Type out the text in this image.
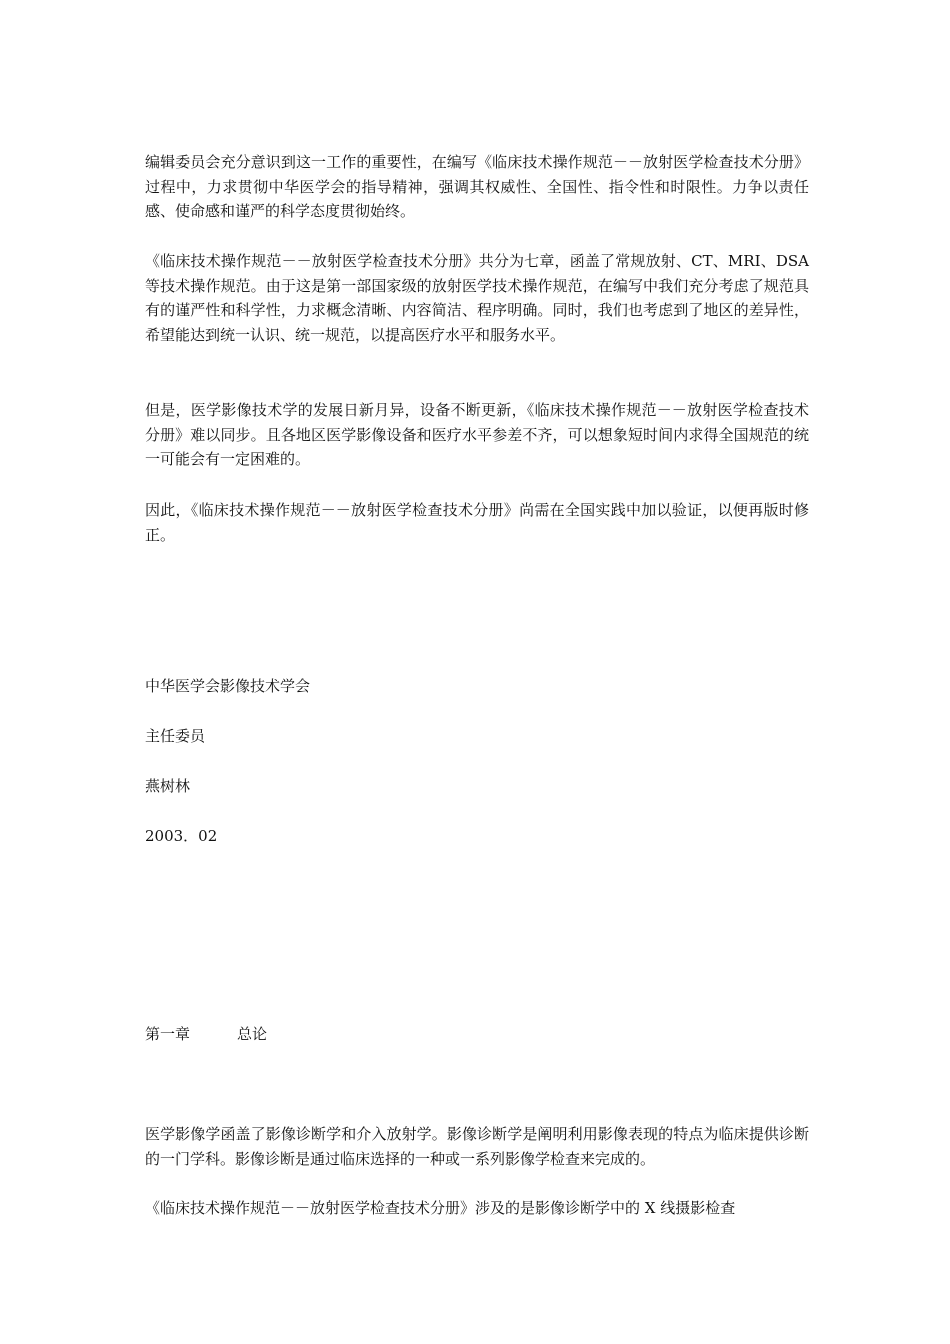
编辑委员会充分意识到这一工作的重要性，在编写《临床技术操作规范－－放射医学检查技术分册》过程中，力求贯彻中华医学会的指导精神，强调其权威性、全国性、指令性和时限性。力争以责任感、使命感和谨严的科学态度贯彻始终。

《临床技术操作规范－－放射医学检查技术分册》共分为七章，函盖了常规放射、CT、MRI、DSA等技术操作规范。由于这是第一部国家级的放射医学技术操作规范，在编写中我们充分考虑了规范具有的谨严性和科学性，力求概念清晰、内容简洁、程序明确。同时，我们也考虑到了地区的差异性，希望能达到统一认识、统一规范，以提高医疗水平和服务水平。

但是，医学影像技术学的发展日新月异，设备不断更新，《临床技术操作规范－－放射医学检查技术分册》难以同步。且各地区医学影像设备和医疗水平参差不齐，可以想象短时间内求得全国规范的统一可能会有一定困难的。

因此，《临床技术操作规范－－放射医学检查技术分册》尚需在全国实践中加以验证，以便再版时修正。

中华医学会影像技术学会

主任委员

燕树林

2003．02

第一章	总论

医学影像学函盖了影像诊断学和介入放射学。影像诊断学是阐明利用影像表现的特点为临床提供诊断的一门学科。影像诊断是通过临床选择的一种或一系列影像学检查来完成的。

《临床技术操作规范－－放射医学检查技术分册》涉及的是影像诊断学中的 X 线摄影检查
